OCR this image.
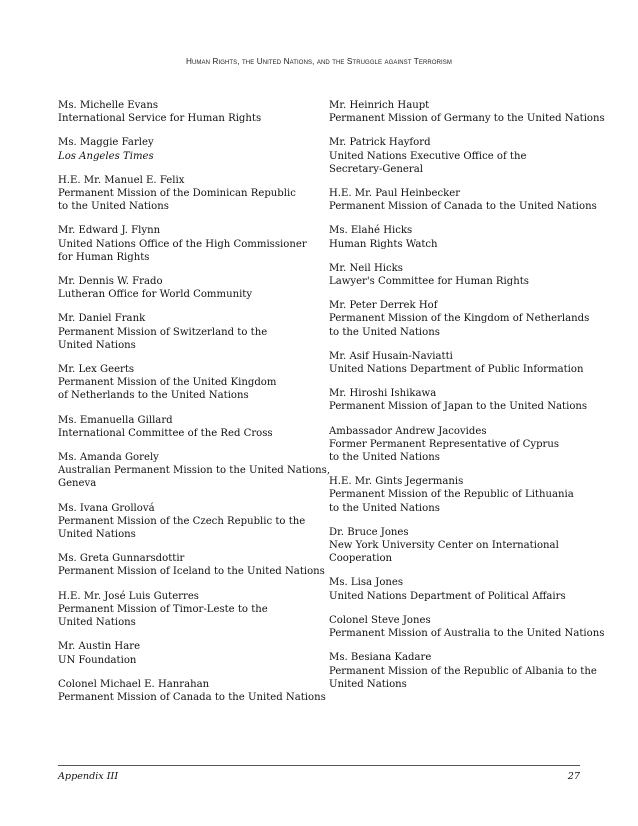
Human Rights, the United Nations, and the Struggle against Terrorism
Ms. Michelle Evans
International Service for Human Rights
Ms. Maggie Farley
Los Angeles Times
H.E. Mr. Manuel E. Felix
Permanent Mission of the Dominican Republic
to the United Nations
Mr. Edward J. Flynn
United Nations Office of the High Commissioner
for Human Rights
Mr. Dennis W. Frado
Lutheran Office for World Community
Mr. Daniel Frank
Permanent Mission of Switzerland to the
United Nations
Mr. Lex Geerts
Permanent Mission of the United Kingdom
of Netherlands to the United Nations
Ms. Emanuella Gillard
International Committee of the Red Cross
Ms. Amanda Gorely
Australian Permanent Mission to the United Nations,
Geneva
Ms. Ivana Grollová
Permanent Mission of the Czech Republic to the
United Nations
Ms. Greta Gunnarsdottir
Permanent Mission of Iceland to the United Nations
H.E. Mr. José Luis Guterres
Permanent Mission of Timor-Leste to the
United Nations
Mr. Austin Hare
UN Foundation
Colonel Michael E. Hanrahan
Permanent Mission of Canada to the United Nations
Mr. Heinrich Haupt
Permanent Mission of Germany to the United Nations
Mr. Patrick Hayford
United Nations Executive Office of the
Secretary-General
H.E. Mr. Paul Heinbecker
Permanent Mission of Canada to the United Nations
Ms. Elahé Hicks
Human Rights Watch
Mr. Neil Hicks
Lawyer's Committee for Human Rights
Mr. Peter Derrek Hof
Permanent Mission of the Kingdom of Netherlands
to the United Nations
Mr. Asif Husain-Naviatti
United Nations Department of Public Information
Mr. Hiroshi Ishikawa
Permanent Mission of Japan to the United Nations
Ambassador Andrew Jacovides
Former Permanent Representative of Cyprus
to the United Nations
H.E. Mr. Gints Jegermanis
Permanent Mission of the Republic of Lithuania
to the United Nations
Dr. Bruce Jones
New York University Center on International
Cooperation
Ms. Lisa Jones
United Nations Department of Political Affairs
Colonel Steve Jones
Permanent Mission of Australia to the United Nations
Ms. Besiana Kadare
Permanent Mission of the Republic of Albania to the
United Nations
Appendix III	27
